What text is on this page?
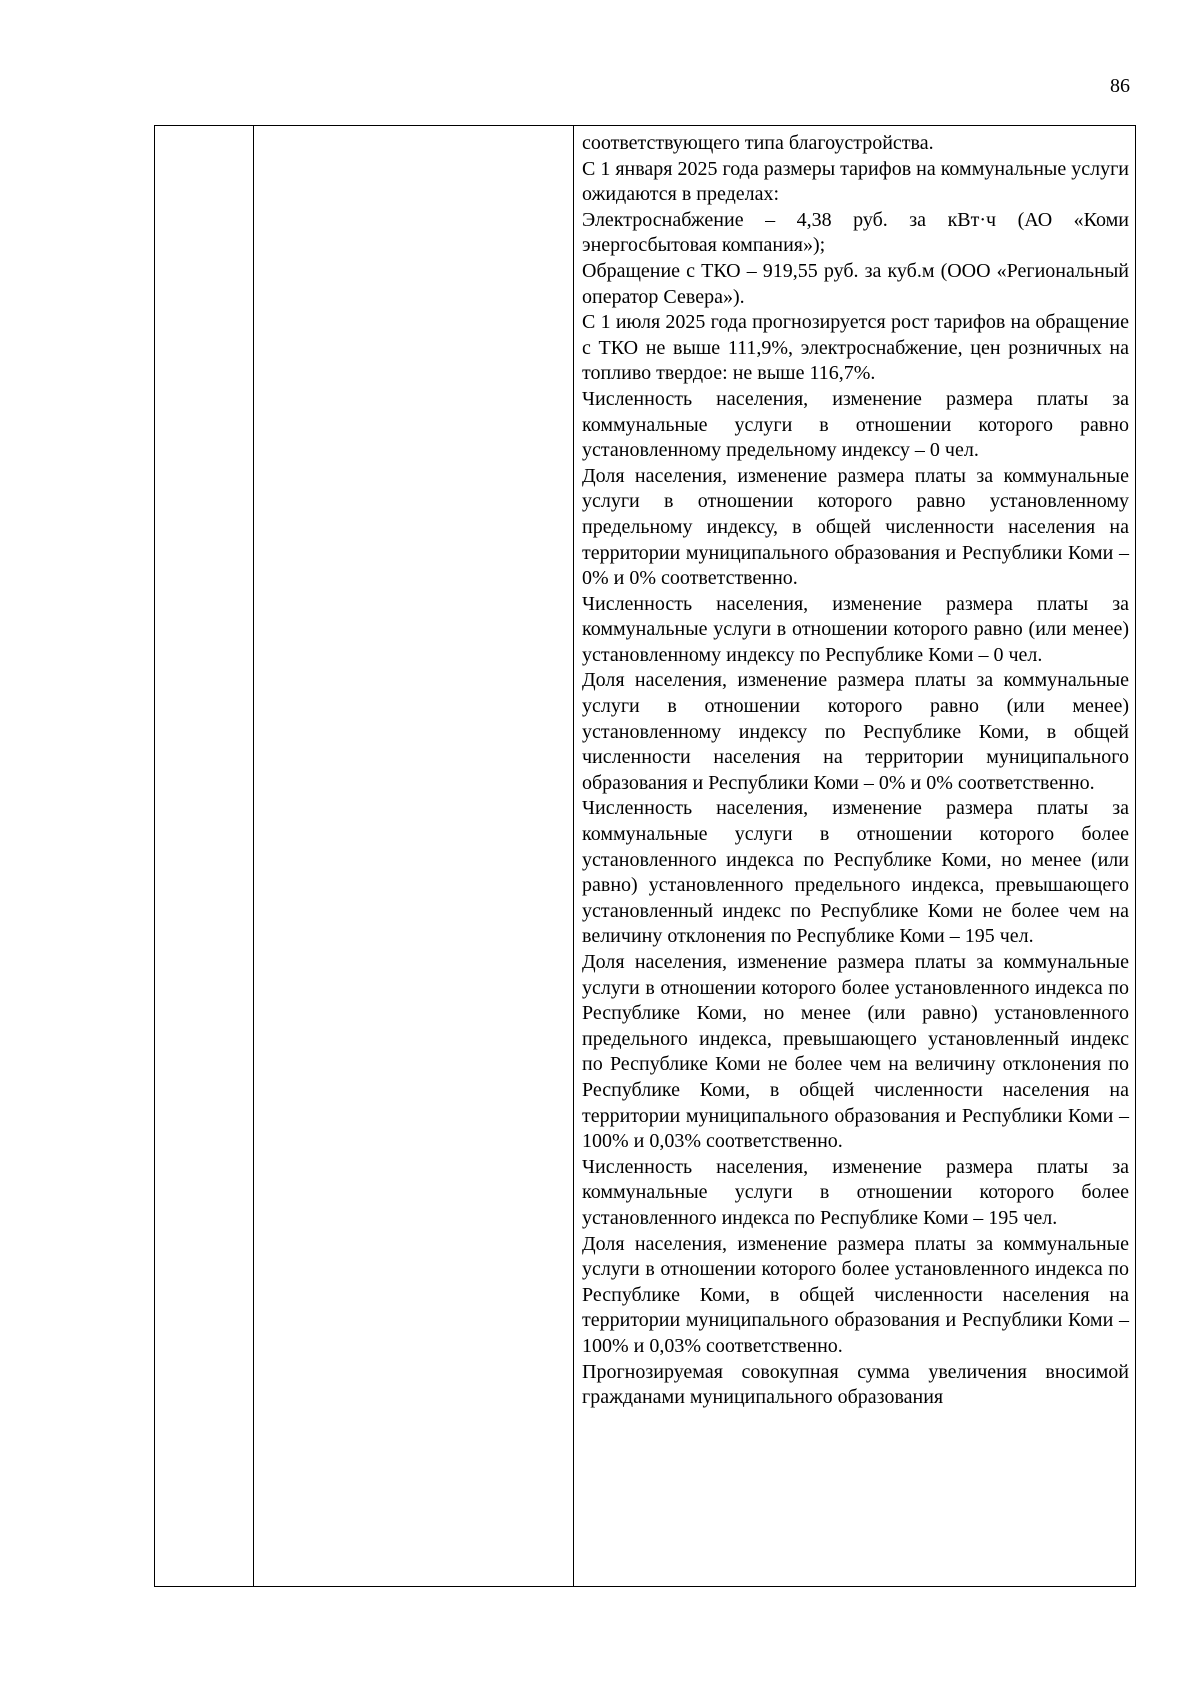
86

соответствующего типа благоустройства.

С 1 января 2025 года размеры тарифов на коммунальные услуги ожидаются в пределах:

Электроснабжение – 4,38 руб. за кВт·ч (АО «Коми энергосбытовая компания»);

Обращение с ТКО – 919,55 руб. за куб.м (ООО «Региональный оператор Севера»).

С 1 июля 2025 года прогнозируется рост тарифов на обращение с ТКО не выше 111,9%, электроснабжение, цен розничных на топливо твердое: не выше 116,7%.

Численность населения, изменение размера платы за коммунальные услуги в отношении которого равно установленному предельному индексу – 0 чел.

Доля населения, изменение размера платы за коммунальные услуги в отношении которого равно установленному предельному индексу, в общей численности населения на территории муниципального образования и Республики Коми – 0% и 0% соответственно.

Численность населения, изменение размера платы за коммунальные услуги в отношении которого равно (или менее) установленному индексу по Республике Коми – 0 чел.

Доля населения, изменение размера платы за коммунальные услуги в отношении которого равно (или менее) установленному индексу по Республике Коми, в общей численности населения на территории муниципального образования и Республики Коми – 0% и 0% соответственно.

Численность населения, изменение размера платы за коммунальные услуги в отношении которого более установленного индекса по Республике Коми, но менее (или равно) установленного предельного индекса, превышающего установленный индекс по Республике Коми не более чем на величину отклонения по Республике Коми – 195 чел.

Доля населения, изменение размера платы за коммунальные услуги в отношении которого более установленного индекса по Республике Коми, но менее (или равно) установленного предельного индекса, превышающего установленный индекс по Республике Коми не более чем на величину отклонения по Республике Коми, в общей численности населения на территории муниципального образования и Республики Коми – 100% и 0,03% соответственно.

Численность населения, изменение размера платы за коммунальные услуги в отношении которого более установленного индекса по Республике Коми – 195 чел.

Доля населения, изменение размера платы за коммунальные услуги в отношении которого более установленного индекса по Республике Коми, в общей численности населения на территории муниципального образования и Республики Коми – 100% и 0,03% соответственно.

Прогнозируемая совокупная сумма увеличения вносимой гражданами муниципального образования
